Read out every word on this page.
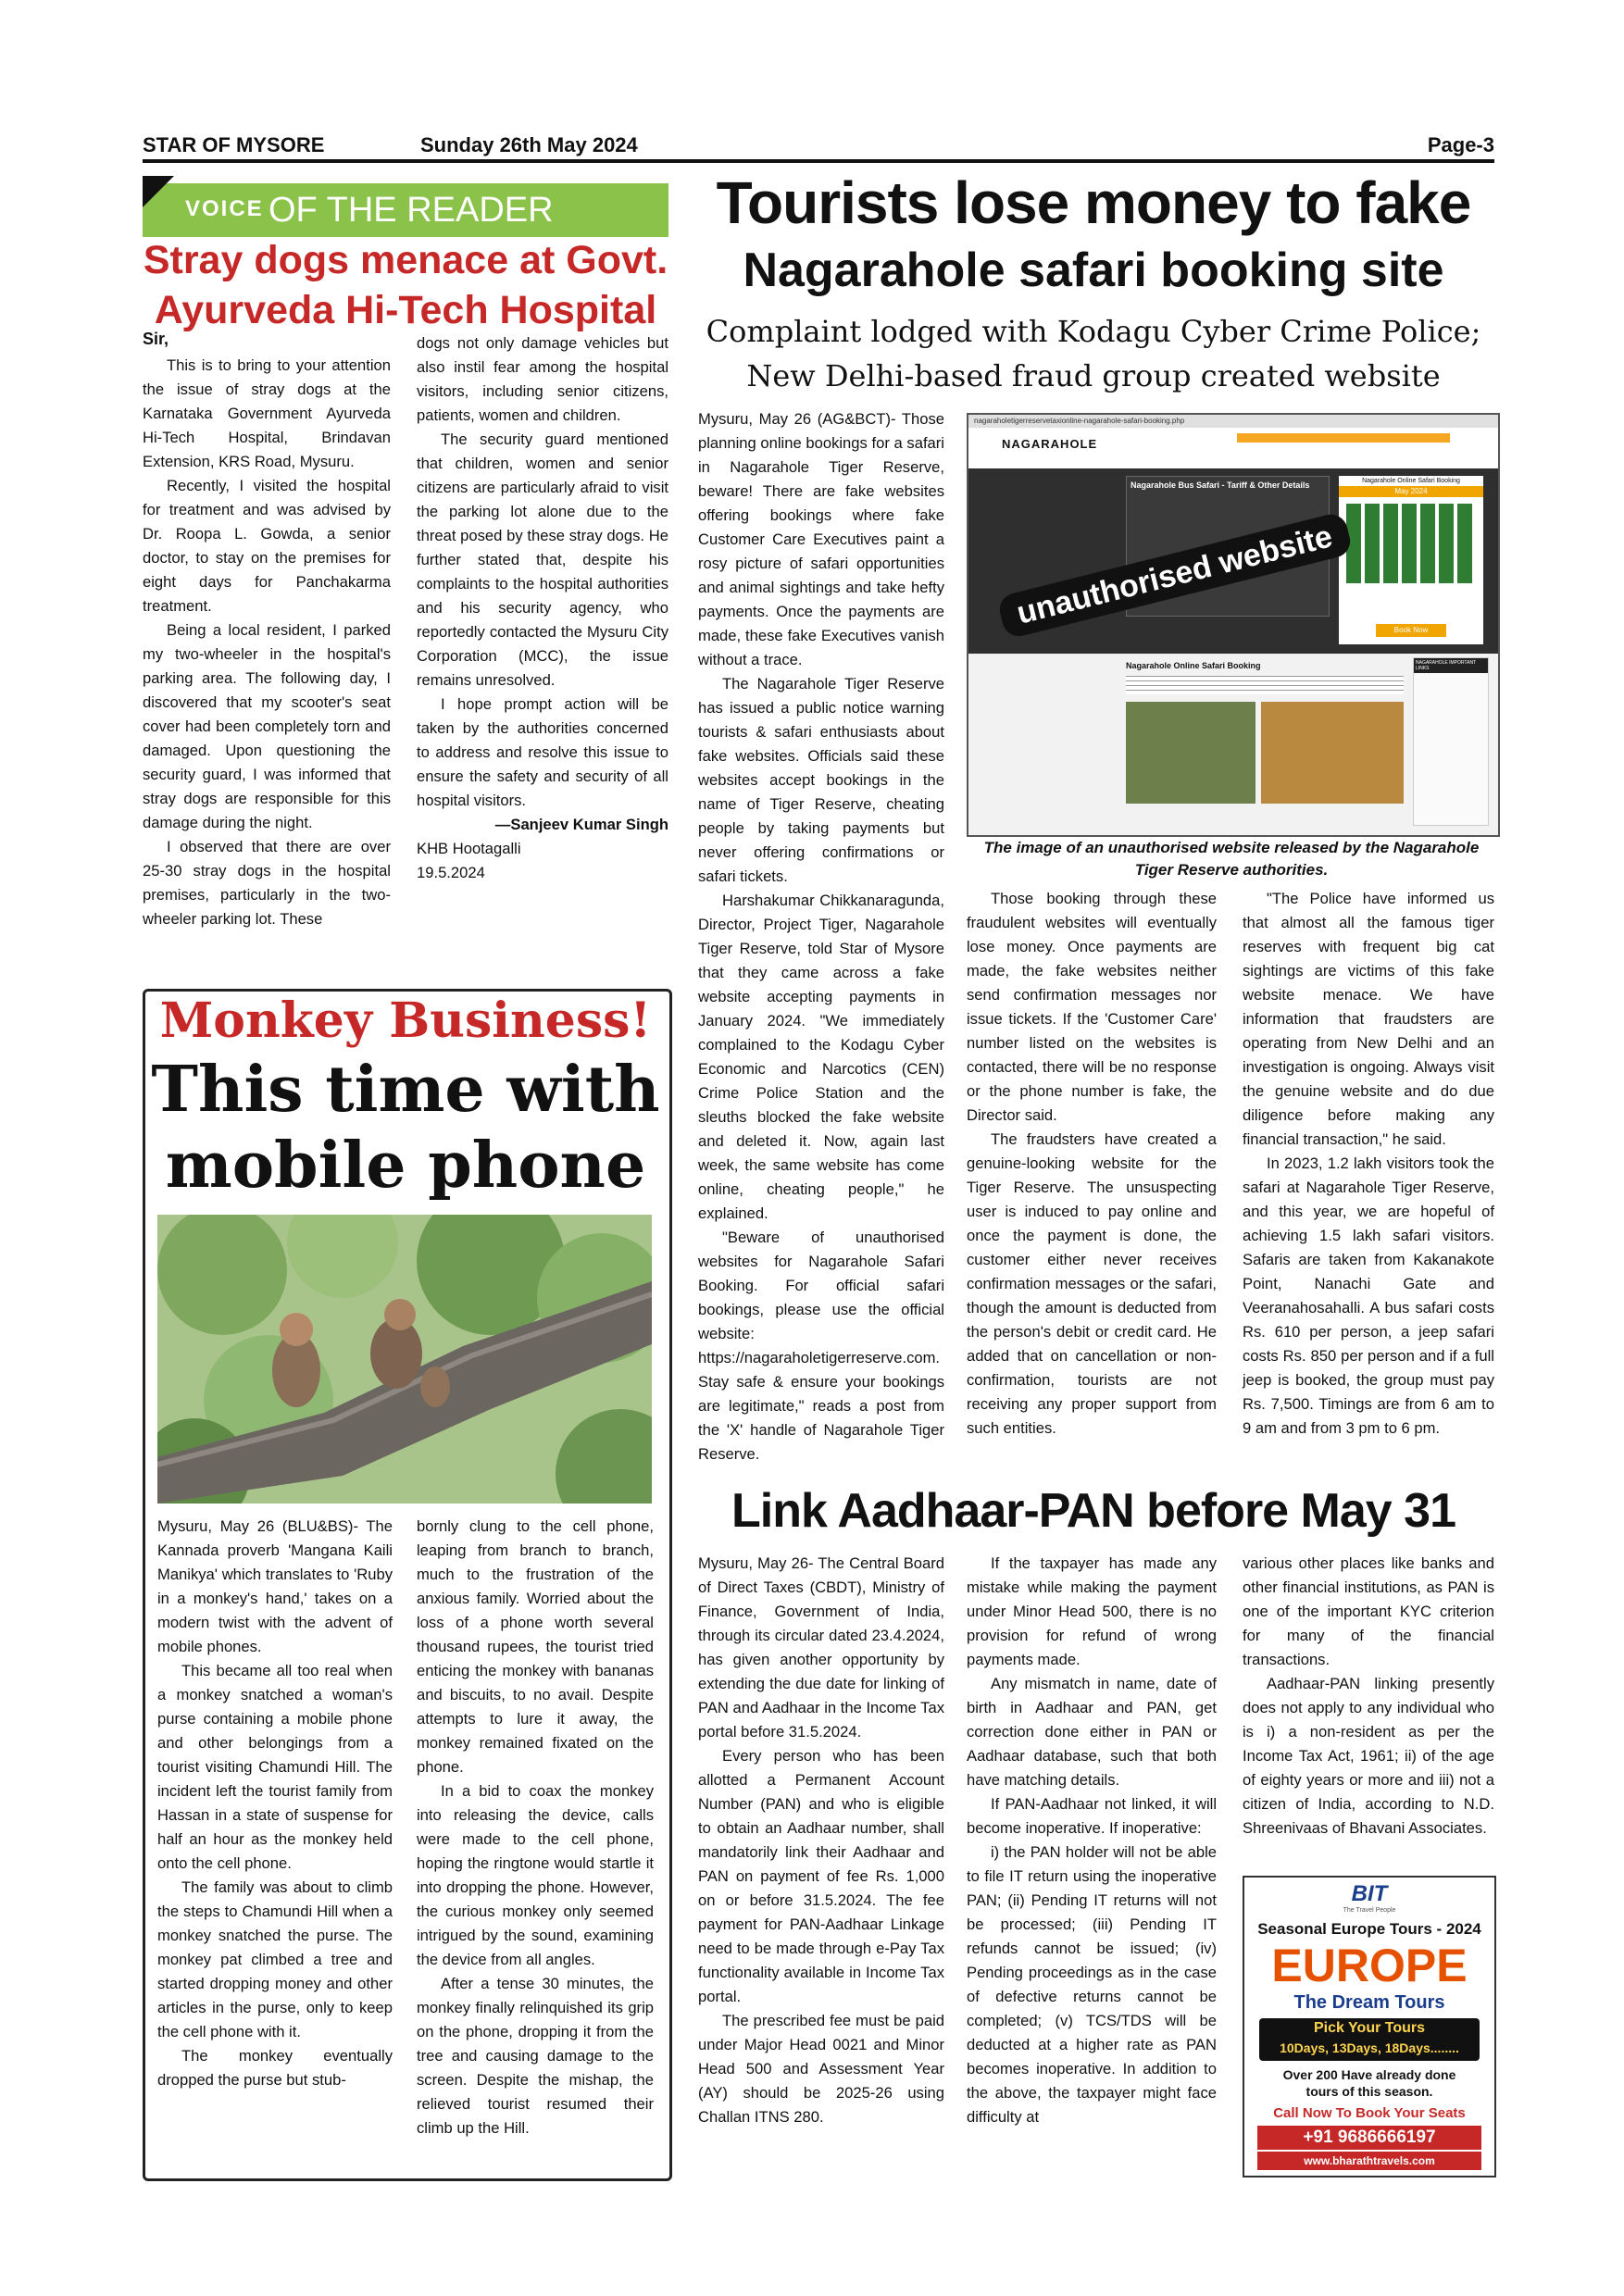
STAR OF MYSORE	Sunday 26th May 2024	Page-3
VOICE OF THE READER
Stray dogs menace at Govt. Ayurveda Hi-Tech Hospital
Sir,

This is to bring to your attention the issue of stray dogs at the Karnataka Government Ayurveda Hi-Tech Hospital, Brindavan Extension, KRS Road, Mysuru.

Recently, I visited the hospital for treatment and was advised by Dr. Roopa L. Gowda, a senior doctor, to stay on the premises for eight days for Panchakarma treatment.

Being a local resident, I parked my two-wheeler in the hospital's parking area. The following day, I discovered that my scooter's seat cover had been completely torn and damaged. Upon questioning the security guard, I was informed that stray dogs are responsible for this damage during the night.

I observed that there are over 25-30 stray dogs in the hospital premises, particularly in the two-wheeler parking lot. These

dogs not only damage vehicles but also instil fear among the hospital visitors, including senior citizens, patients, women and children.

The security guard mentioned that children, women and senior citizens are particularly afraid to visit the parking lot alone due to the threat posed by these stray dogs. He further stated that, despite his complaints to the hospital authorities and his security agency, who reportedly contacted the Mysuru City Corporation (MCC), the issue remains unresolved.

I hope prompt action will be taken by the authorities concerned to address and resolve this issue to ensure the safety and security of all hospital visitors.

—Sanjeev Kumar Singh

KHB Hootagalli

19.5.2024

Monkey Business!
This time with mobile phone

Mysuru, May 26 (BLU&BS)- The Kannada proverb 'Mangana Kaili Manikya' which translates to 'Ruby in a monkey's hand,' takes on a modern twist with the advent of mobile phones.

This became all too real when a monkey snatched a woman's purse containing a mobile phone and other belongings from a tourist visiting Chamundi Hill. The incident left the tourist family from Hassan in a state of suspense for half an hour as the monkey held onto the cell phone.

The family was about to climb the steps to Chamundi Hill when a monkey snatched the purse. The monkey pat climbed a tree and started dropping money and other articles in the purse, only to keep the cell phone with it.

The monkey eventually dropped the purse but stub-

bornly clung to the cell phone, leaping from branch to branch, much to the frustration of the anxious family. Worried about the loss of a phone worth several thousand rupees, the tourist tried enticing the monkey with bananas and biscuits, to no avail. Despite attempts to lure it away, the monkey remained fixated on the phone.

In a bid to coax the monkey into releasing the device, calls were made to the cell phone, hoping the ringtone would startle it into dropping the phone. However, the curious monkey only seemed intrigued by the sound, examining the device from all angles.

After a tense 30 minutes, the monkey finally relinquished its grip on the phone, dropping it from the tree and causing damage to the screen. Despite the mishap, the relieved tourist resumed their climb up the Hill.

Tourists lose money to fake
Nagarahole safari booking site
Complaint lodged with Kodagu Cyber Crime Police;
New Delhi-based fraud group created website

Mysuru, May 26 (AG&BCT)- Those planning online bookings for a safari in Nagarahole Tiger Reserve, beware! There are fake websites offering bookings where fake Customer Care Executives paint a rosy picture of safari opportunities and animal sightings and take hefty payments. Once the payments are made, these fake Executives vanish without a trace.

The Nagarahole Tiger Reserve has issued a public notice warning tourists & safari enthusiasts about fake websites. Officials said these websites accept bookings in the name of Tiger Reserve, cheating people by taking payments but never offering confirmations or safari tickets.

Harshakumar Chikkanaragunda, Director, Project Tiger, Nagarahole Tiger Reserve, told Star of Mysore that they came across a fake website accepting payments in January 2024. "We immediately complained to the Kodagu Cyber Economic and Narcotics (CEN) Crime Police Station and the sleuths blocked the fake website and deleted it. Now, again last week, the same website has come online, cheating people," he explained.

"Beware of unauthorised websites for Nagarahole Safari Booking. For official safari bookings, please use the official website: https://nagaraholetigerreserve.com. Stay safe & ensure your bookings are legitimate," reads a post from the 'X' handle of Nagarahole Tiger Reserve.

nagaraholetigerreservetaxionline-nagarahole-safari-booking.php
NAGARAHOLE
Nagarahole Bus Safari - Tariff & Other Details	Nagarahole Online Safari Booking
May 2024
Book Now
unauthorised website
Nagarahole Online Safari Booking	NAGARAHOLE IMPORTANT LINKS
The image of an unauthorised website released by the Nagarahole Tiger Reserve authorities.

Those booking through these fraudulent websites will eventually lose money. Once payments are made, the fake websites neither send confirmation messages nor issue tickets. If the 'Customer Care' number listed on the websites is contacted, there will be no response or the phone number is fake, the Director said.

The fraudsters have created a genuine-looking website for the Tiger Reserve. The unsuspecting user is induced to pay online and once the payment is done, the customer either never receives confirmation messages or the safari, though the amount is deducted from the person's debit or credit card. He added that on cancellation or non-confirmation, tourists are not receiving any proper support from such entities.

"The Police have informed us that almost all the famous tiger reserves with frequent big cat sightings are victims of this fake website menace. We have information that fraudsters are operating from New Delhi and an investigation is ongoing. Always visit the genuine website and do due diligence before making any financial transaction," he said.

In 2023, 1.2 lakh visitors took the safari at Nagarahole Tiger Reserve, and this year, we are hopeful of achieving 1.5 lakh safari visitors. Safaris are taken from Kakanakote Point, Nanachi Gate and Veeranahosahalli. A bus safari costs Rs. 610 per person, a jeep safari costs Rs. 850 per person and if a full jeep is booked, the group must pay Rs. 7,500. Timings are from 6 am to 9 am and from 3 pm to 6 pm.

Link Aadhaar-PAN before May 31

Mysuru, May 26- The Central Board of Direct Taxes (CBDT), Ministry of Finance, Government of India, through its circular dated 23.4.2024, has given another opportunity by extending the due date for linking of PAN and Aadhaar in the Income Tax portal before 31.5.2024.

Every person who has been allotted a Permanent Account Number (PAN) and who is eligible to obtain an Aadhaar number, shall mandatorily link their Aadhaar and PAN on payment of fee Rs. 1,000 on or before 31.5.2024. The fee payment for PAN-Aadhaar Linkage need to be made through e-Pay Tax functionality available in Income Tax portal.

The prescribed fee must be paid under Major Head 0021 and Minor Head 500 and Assessment Year (AY) should be 2025-26 using Challan ITNS 280.

If the taxpayer has made any mistake while making the payment under Minor Head 500, there is no provision for refund of wrong payments made.

Any mismatch in name, date of birth in Aadhaar and PAN, get correction done either in PAN or Aadhaar database, such that both have matching details.

If PAN-Aadhaar not linked, it will become inoperative. If inoperative:

i) the PAN holder will not be able to file IT return using the inoperative PAN; (ii) Pending IT returns will not be processed; (iii) Pending IT refunds cannot be issued; (iv) Pending proceedings as in the case of defective returns cannot be completed; (v) TCS/TDS will be deducted at a higher rate as PAN becomes inoperative. In addition to the above, the taxpayer might face difficulty at

various other places like banks and other financial institutions, as PAN is one of the important KYC criterion for many of the financial transactions.

Aadhaar-PAN linking presently does not apply to any individual who is i) a non-resident as per the Income Tax Act, 1961; ii) of the age of eighty years or more and iii) not a citizen of India, according to N.D. Shreenivaas of Bhavani Associates.

BIT
The Travel People
Seasonal Europe Tours - 2024
EUROPE
The Dream Tours
Pick Your Tours
10Days, 13Days, 18Days........
Over 200 Have already done tours of this season.
Call Now To Book Your Seats
+91 9686666197
www.bharathtravels.com
